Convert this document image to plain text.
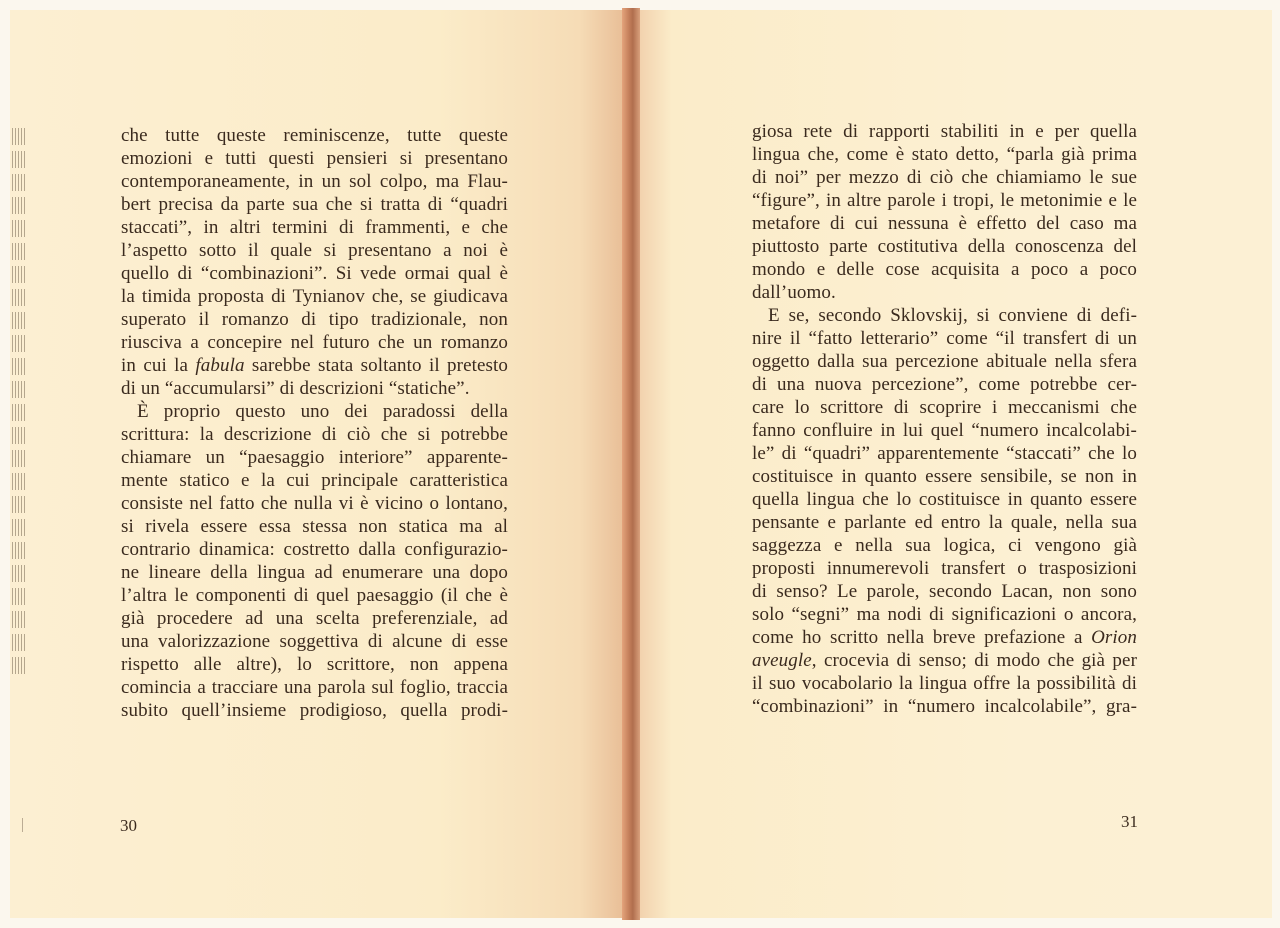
che tutte queste reminiscenze, tutte queste
emozioni e tutti questi pensieri si presentano
contemporaneamente, in un sol colpo, ma Flau-
bert precisa da parte sua che si tratta di “quadri
staccati”, in altri termini di frammenti, e che
l’aspetto sotto il quale si presentano a noi è
quello di “combinazioni”. Si vede ormai qual è
la timida proposta di Tynianov che, se giudicava
superato il romanzo di tipo tradizionale, non
riusciva a concepire nel futuro che un romanzo
in cui la fabula sarebbe stata soltanto il pretesto
di un “accumularsi” di descrizioni “statiche”.
È proprio questo uno dei paradossi della
scrittura: la descrizione di ciò che si potrebbe
chiamare un “paesaggio interiore” apparente-
mente statico e la cui principale caratteristica
consiste nel fatto che nulla vi è vicino o lontano,
si rivela essere essa stessa non statica ma al
contrario dinamica: costretto dalla configurazio-
ne lineare della lingua ad enumerare una dopo
l’altra le componenti di quel paesaggio (il che è
già procedere ad una scelta preferenziale, ad
una valorizzazione soggettiva di alcune di esse
rispetto alle altre), lo scrittore, non appena
comincia a tracciare una parola sul foglio, traccia
subito quell’insieme prodigioso, quella prodi-
giosa rete di rapporti stabiliti in e per quella
lingua che, come è stato detto, “parla già prima
di noi” per mezzo di ciò che chiamiamo le sue
“figure”, in altre parole i tropi, le metonimie e le
metafore di cui nessuna è effetto del caso ma
piuttosto parte costitutiva della conoscenza del
mondo e delle cose acquisita a poco a poco
dall’uomo.
E se, secondo Sklovskij, si conviene di defi-
nire il “fatto letterario” come “il transfert di un
oggetto dalla sua percezione abituale nella sfera
di una nuova percezione”, come potrebbe cer-
care lo scrittore di scoprire i meccanismi che
fanno confluire in lui quel “numero incalcolabi-
le” di “quadri” apparentemente “staccati” che lo
costituisce in quanto essere sensibile, se non in
quella lingua che lo costituisce in quanto essere
pensante e parlante ed entro la quale, nella sua
saggezza e nella sua logica, ci vengono già
proposti innumerevoli transfert o trasposizioni
di senso? Le parole, secondo Lacan, non sono
solo “segni” ma nodi di significazioni o ancora,
come ho scritto nella breve prefazione a Orion
aveugle, crocevia di senso; di modo che già per
il suo vocabolario la lingua offre la possibilità di
“combinazioni” in “numero incalcolabile”, gra-
30	31
